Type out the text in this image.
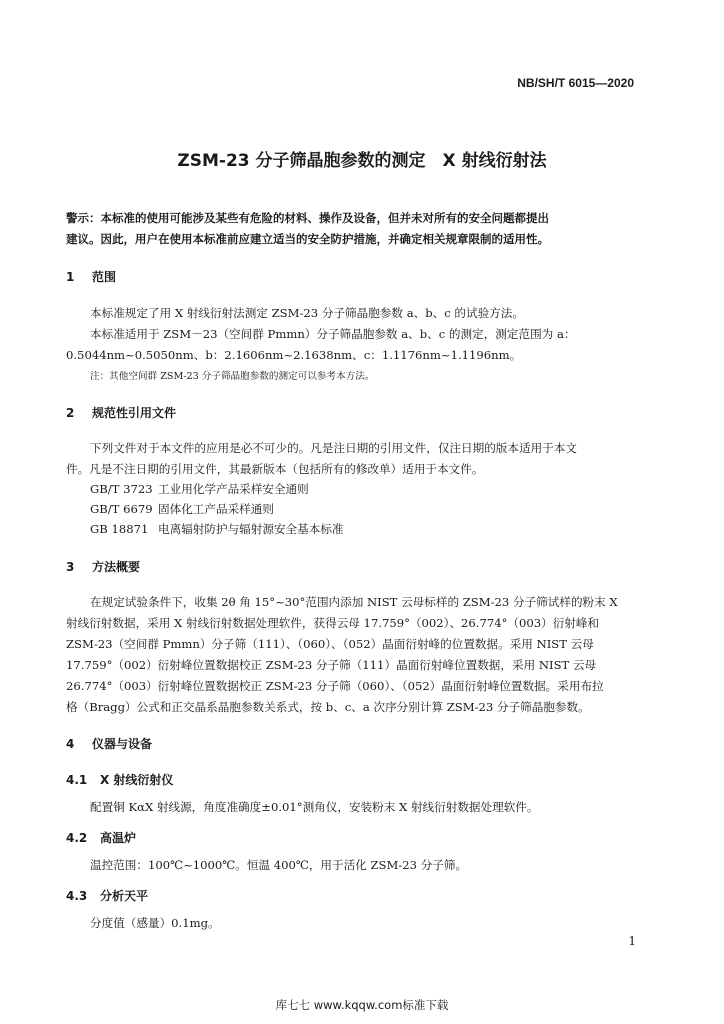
NB/SH/T 6015—2020
ZSM-23 分子筛晶胞参数的测定　X 射线衍射法
警示：本标准的使用可能涉及某些有危险的材料、操作及设备，但并未对所有的安全问题都提出
建议。因此，用户在使用本标准前应建立适当的安全防护措施，并确定相关规章限制的适用性。
1 范围
本标准规定了用 X 射线衍射法测定 ZSM-23 分子筛晶胞参数 a、b、c 的试验方法。
本标准适用于 ZSM－23（空间群 Pmmn）分子筛晶胞参数 a、b、c 的测定，测定范围为 a：
0.5044nm~0.5050nm、b：2.1606nm~2.1638nm、c：1.1176nm~1.1196nm。
注：其他空间群 ZSM-23 分子筛晶胞参数的测定可以参考本方法。
2 规范性引用文件
下列文件对于本文件的应用是必不可少的。凡是注日期的引用文件，仅注日期的版本适用于本文
件。凡是不注日期的引用文件，其最新版本（包括所有的修改单）适用于本文件。
GB/T 3723 工业用化学产品采样安全通则
GB/T 6679 固体化工产品采样通则
GB 18871 电离辐射防护与辐射源安全基本标准
3 方法概要
在规定试验条件下，收集 2θ 角 15°~30°范围内添加 NIST 云母标样的 ZSM-23 分子筛试样的粉末 X
射线衍射数据，采用 X 射线衍射数据处理软件，获得云母 17.759°（002）、26.774°（003）衍射峰和
ZSM-23（空间群 Pmmn）分子筛（111）、（060）、（052）晶面衍射峰的位置数据。采用 NIST 云母
17.759°（002）衍射峰位置数据校正 ZSM-23 分子筛（111）晶面衍射峰位置数据，采用 NIST 云母
26.774°（003）衍射峰位置数据校正 ZSM-23 分子筛（060）、（052）晶面衍射峰位置数据。采用布拉
格（Bragg）公式和正交晶系晶胞参数关系式，按 b、c、a 次序分别计算 ZSM-23 分子筛晶胞参数。
4 仪器与设备
4.1 X 射线衍射仪
配置铜 KαX 射线源，角度准确度±0.01°测角仪，安装粉末 X 射线衍射数据处理软件。
4.2 高温炉
温控范围：100℃~1000℃。恒温 400℃，用于活化 ZSM-23 分子筛。
4.3 分析天平
分度值（感量）0.1mg。
1
库七七 www.kqqw.com标准下载
